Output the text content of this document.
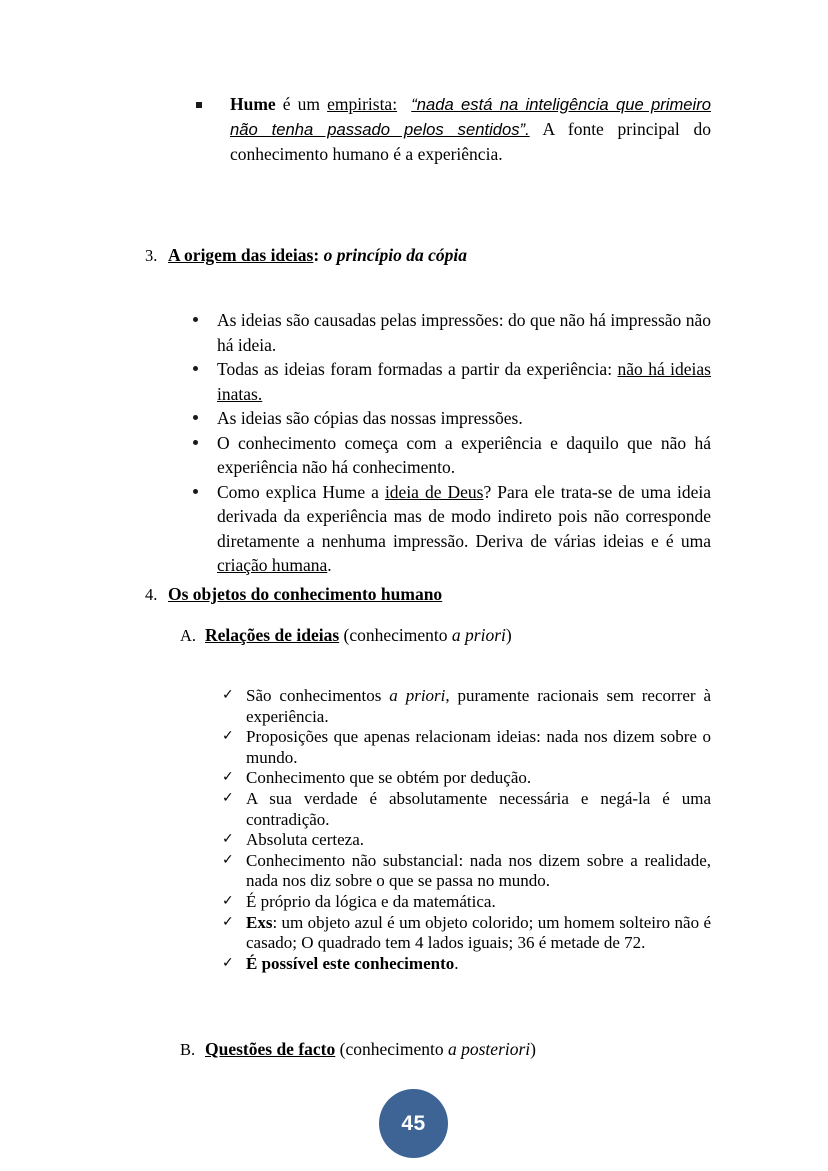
Hume é um empirista: “nada está na inteligência que primeiro não tenha passado pelos sentidos”. A fonte principal do conhecimento humano é a experiência.
3. A origem das ideias: o princípio da cópia
As ideias são causadas pelas impressões: do que não há impressão não há ideia.
Todas as ideias foram formadas a partir da experiência: não há ideias inatas.
As ideias são cópias das nossas impressões.
O conhecimento começa com a experiência e daquilo que não há experiência não há conhecimento.
Como explica Hume a ideia de Deus? Para ele trata-se de uma ideia derivada da experiência mas de modo indireto pois não corresponde diretamente a nenhuma impressão. Deriva de várias ideias e é uma criação humana.
4. Os objetos do conhecimento humano
A. Relações de ideias (conhecimento a priori)
✓ São conhecimentos a priori, puramente racionais sem recorrer à experiência.
✓ Proposições que apenas relacionam ideias: nada nos dizem sobre o mundo.
✓ Conhecimento que se obtém por dedução.
✓ A sua verdade é absolutamente necessária e negá-la é uma contradição.
✓ Absoluta certeza.
✓ Conhecimento não substancial: nada nos dizem sobre a realidade, nada nos diz sobre o que se passa no mundo.
✓ É próprio da lógica e da matemática.
✓ Exs: um objeto azul é um objeto colorido; um homem solteiro não é casado; O quadrado tem 4 lados iguais; 36 é metade de 72.
✓ É possível este conhecimento.
B. Questões de facto (conhecimento a posteriori)
45
